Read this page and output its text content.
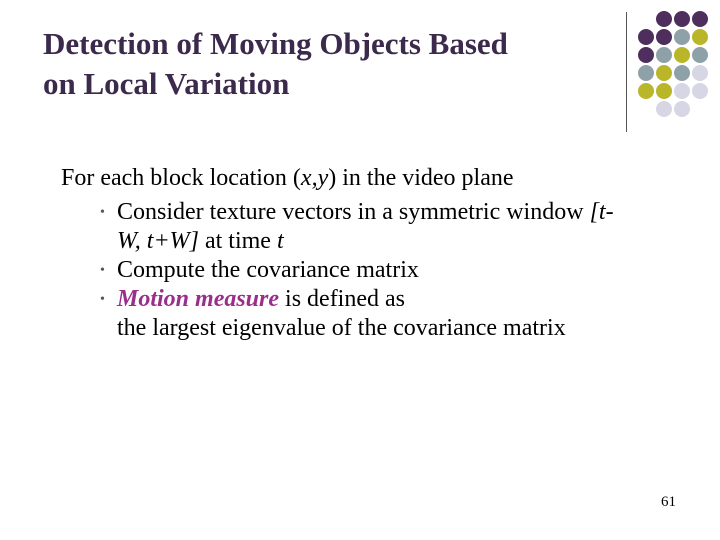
Detection of Moving Objects Based
on Local Variation
For each block location (x,y) in the video plane
• Consider texture vectors in a symmetric window [t-
W, t+W] at time t
• Compute the covariance matrix
• Motion measure is defined as
the largest eigenvalue of the covariance matrix
61
